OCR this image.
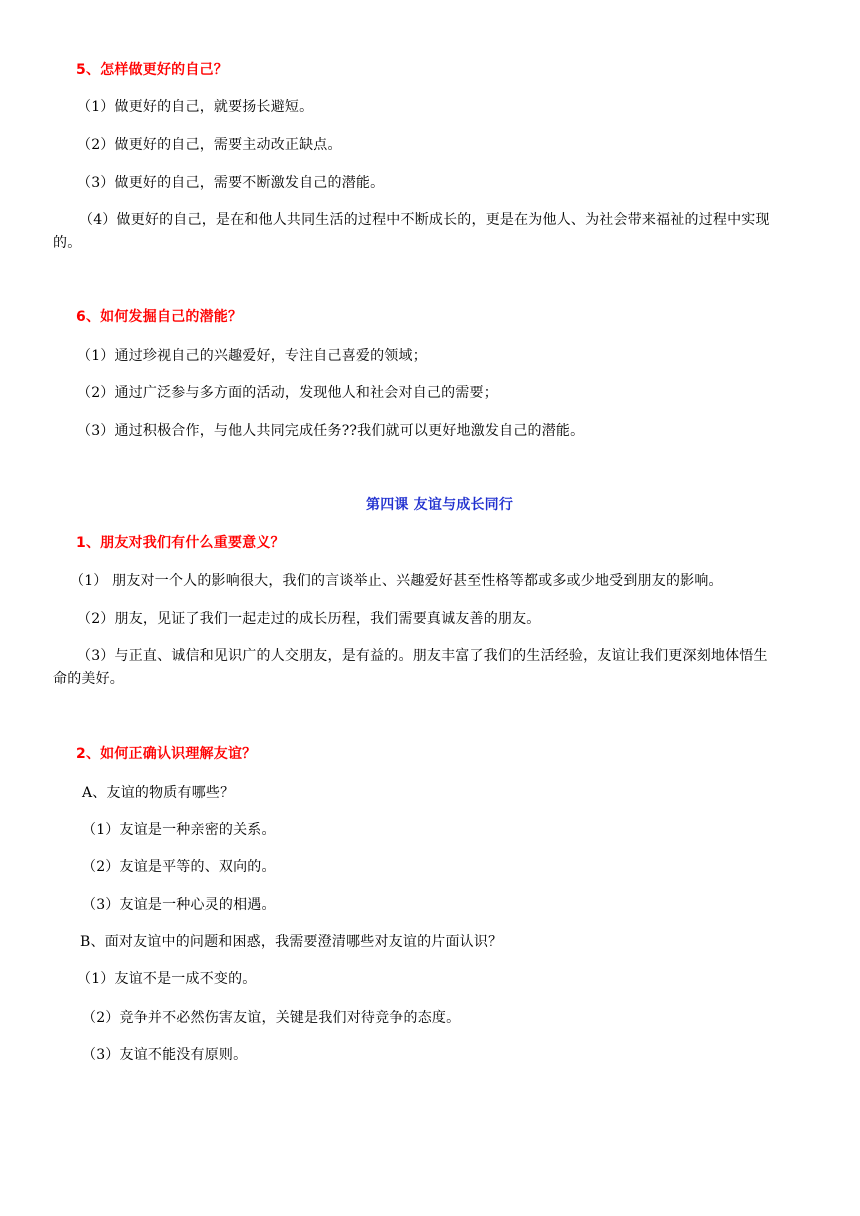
5、怎样做更好的自己？
（1）做更好的自己，就要扬长避短。
（2）做更好的自己，需要主动改正缺点。
（3）做更好的自己，需要不断激发自己的潜能。
（4）做更好的自己，是在和他人共同生活的过程中不断成长的，更是在为他人、为社会带来福祉的过程中实现
的。
6、如何发掘自己的潜能？
（1）通过珍视自己的兴趣爱好，专注自己喜爱的领域；
（2）通过广泛参与多方面的活动，发现他人和社会对自己的需要；
（3）通过积极合作，与他人共同完成任务??我们就可以更好地激发自己的潜能。
第四课 友谊与成长同行
1、朋友对我们有什么重要意义？
（1） 朋友对一个人的影响很大，我们的言谈举止、兴趣爱好甚至性格等都或多或少地受到朋友的影响。
（2）朋友，见证了我们一起走过的成长历程，我们需要真诚友善的朋友。
（3）与正直、诚信和见识广的人交朋友，是有益的。朋友丰富了我们的生活经验，友谊让我们更深刻地体悟生
命的美好。
2、如何正确认识理解友谊？
A、友谊的物质有哪些？
（1）友谊是一种亲密的关系。
（2）友谊是平等的、双向的。
（3）友谊是一种心灵的相遇。
B、面对友谊中的问题和困惑，我需要澄清哪些对友谊的片面认识？
（1）友谊不是一成不变的。
（2）竞争并不必然伤害友谊，关键是我们对待竞争的态度。
（3）友谊不能没有原则。
